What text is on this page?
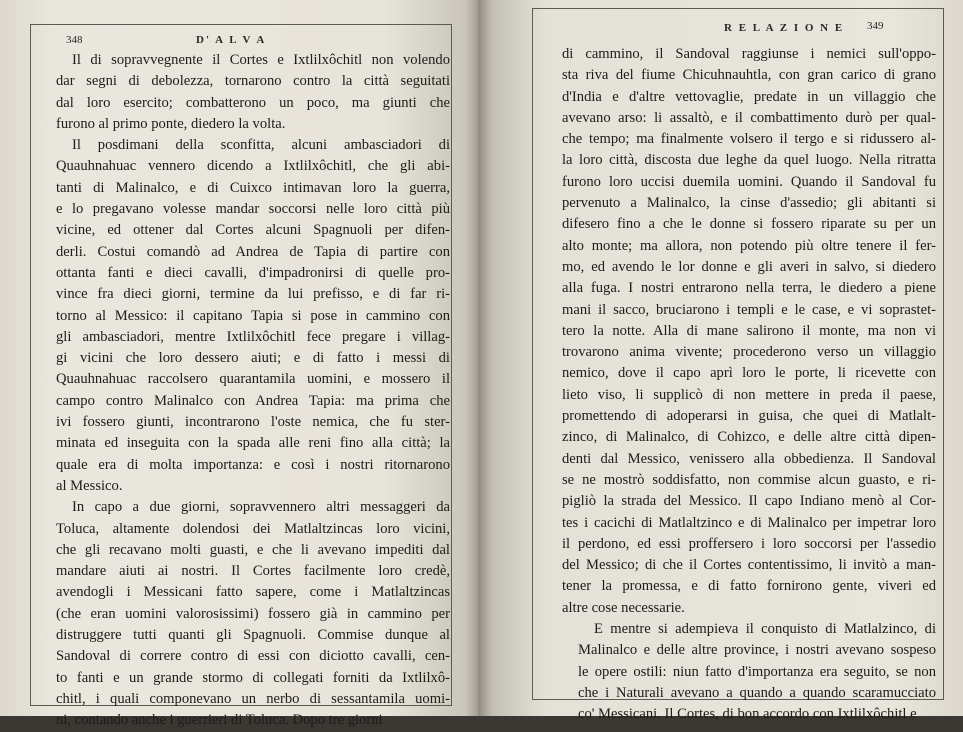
348	D' A L V A

Il di sopravvegnente il Cortes e Ixtlilxôchitl non volendo
dar segni di debolezza, tornarono contro la città seguitati
dal loro esercito; combatterono un poco, ma giunti che
furono al primo ponte, diedero la volta.

Il posdimani della sconfitta, alcuni ambasciadori di
Quauhnahuac vennero dicendo a Ixtlilxôchitl, che gli abi-
tanti di Malinalco, e di Cuixco intimavan loro la guerra,
e lo pregavano volesse mandar soccorsi nelle loro città più
vicine, ed ottener dal Cortes alcuni Spagnuoli per difen-
derli. Costui comandò ad Andrea de Tapia di partire con
ottanta fanti e dieci cavalli, d'impadronirsi di quelle pro-
vince fra dieci giorni, termine da lui prefisso, e di far ri-
torno al Messico: il capitano Tapia si pose in cammino con
gli ambasciadori, mentre Ixtlilxôchitl fece pregare i villag-
gi vicini che loro dessero aiuti; e di fatto i messi di
Quauhnahuac raccolsero quarantamila uomini, e mossero il
campo contro Malinalco con Andrea Tapia: ma prima che
ivi fossero giunti, incontrarono l'oste nemica, che fu ster-
minata ed inseguita con la spada alle reni fino alla città; la
quale era di molta importanza: e così i nostri ritornarono
al Messico.

In capo a due giorni, sopravvennero altri messaggeri da
Toluca, altamente dolendosi dei Matlaltzincas loro vicini,
che gli recavano molti guasti, e che li avevano impediti dal
mandare aiuti ai nostri. Il Cortes facilmente loro credè,
avendogli i Messicani fatto sapere, come i Matlaltzincas
(che eran uomini valorosissimi) fossero già in cammino per
distruggere tutti quanti gli Spagnuoli. Commise dunque al
Sandoval di correre contro di essi con diciotto cavalli, cen-
to fanti e un grande stormo di collegati forniti da Ixtlilxô-
chitl, i quali componevano un nerbo di sessantamila uomi-
ni, contando anche i guerrieri di Toluca. Dopo tre giorni

R E L A Z I O N E 349

di cammino, il Sandoval raggiunse i nemici sull'oppo-
sta riva del fiume Chicuhnauhtla, con gran carico di grano
d'India e d'altre vettovaglie, predate in un villaggio che
avevano arso: li assaltò, e il combattimento durò per qual-
che tempo; ma finalmente volsero il tergo e si ridussero al-
la loro città, discosta due leghe da quel luogo. Nella ritratta
furono loro uccisi duemila uomini. Quando il Sandoval fu
pervenuto a Malinalco, la cinse d'assedio; gli abitanti si
difesero fino a che le donne si fossero riparate su per un
alto monte; ma allora, non potendo più oltre tenere il fer-
mo, ed avendo le lor donne e gli averi in salvo, si diedero
alla fuga. I nostri entrarono nella terra, le diedero a piene
mani il sacco, bruciarono i templi e le case, e vi soprastet-
tero la notte. Alla di mane salirono il monte, ma non vi
trovarono anima vivente; procederono verso un villaggio
nemico, dove il capo aprì loro le porte, li ricevette con
lieto viso, li supplicò di non mettere in preda il paese,
promettendo di adoperarsi in guisa, che quei di Matlalt-
zinco, di Malinalco, di Cohizco, e delle altre città dipen-
denti dal Messico, venissero alla obbedienza. Il Sandoval
se ne mostrò soddisfatto, non commise alcun guasto, e ri-
pigliò la strada del Messico. Il capo Indiano menò al Cor-
tes i cacichi di Matlaltzinco e di Malinalco per impetrar loro
il perdono, ed essi proffersero i loro soccorsi per l'assedio
del Messico; di che il Cortes contentissimo, li invitò a man-
tener la promessa, e di fatto fornirono gente, viveri ed
altre cose necessarie.

E mentre si adempieva il conquisto di Matlalzinco, di
Malinalco e delle altre province, i nostri avevano sospeso
le opere ostili: niun fatto d'importanza era seguito, se non
che i Naturali avevano a quando a quando scaramucciato
co' Messicani. Il Cortes, di bon accordo con Ixtlilxôchitl e
